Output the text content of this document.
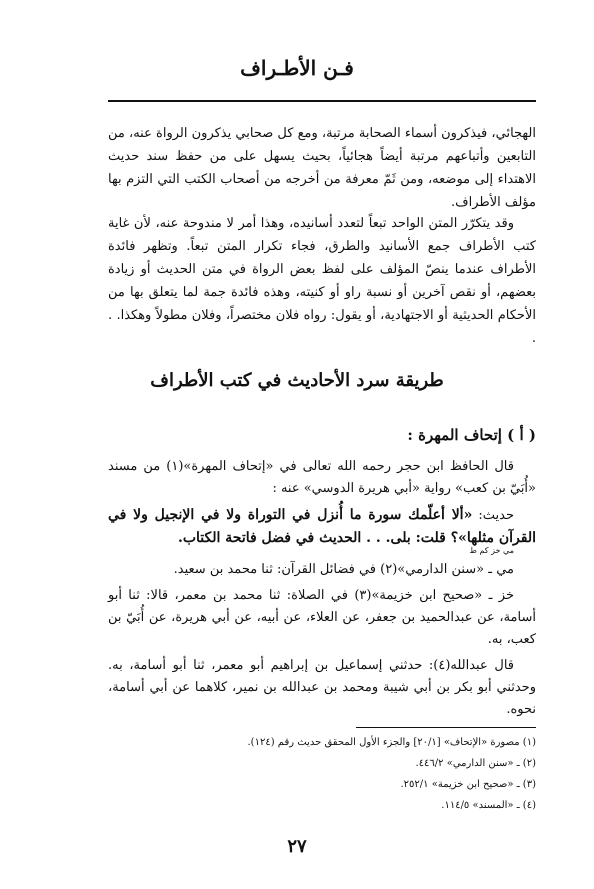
فـن الأطـراف

الهجائي، فيذكرون أسماء الصحابة مرتبة، ومع كل صحابي يذكرون الرواة عنه، من التابعين وأتباعهم مرتبة أيضاً هجائياً، بحيث يسهل على من حفظ سند حديث الاهتداء إلى موضعه، ومن ثَمّ معرفة من أخرجه من أصحاب الكتب التي التزم بها مؤلف الأطراف.

وقد يتكرّر المتن الواحد تبعاً لتعدد أسانيده، وهذا أمر لا مندوحة عنه، لأن غاية كتب الأطراف جمع الأسانيد والطرق، فجاء تكرار المتن تبعاً. وتظهر فائدة الأطراف عندما ينصّ المؤلف على لفظ بعض الرواة في متن الحديث أو زيادة بعضهم، أو نقص آخرين أو نسبة راو أو كنيته، وهذه فائدة جمة لما يتعلق بها من الأحكام الحديثية أو الاجتهادية، أو يقول: رواه فلان مختصراً، وفلان مطولاً وهكذا. . .

طريقة سرد الأحاديث في كتب الأطراف
( أ ) إتحاف المهرة :

قال الحافظ ابن حجر رحمه الله تعالى في «إتحاف المهرة»(١) من مسند «أُبَيّ بن كعب» رواية «أبي هريرة الدوسي» عنه :

حديث: «ألا أعلّمك سورة ما أُنزل في التوراة ولا في الإنجيل ولا في القرآن مثلها»؟ قلت: بلى. . . الحديث في فضل فاتحة الكتاب.
مي خز كم ط

مي ـ «سنن الدارمي»(٢) في فضائل القرآن: ثنا محمد بن سعيد.

خز ـ «صحيح ابن خزيمة»(٣) في الصلاة: ثنا محمد بن معمر، قالا: ثنا أبو أسامة، عن عبدالحميد بن جعفر، عن العلاء، عن أبيه، عن أبي هريرة، عن أُبَيّ بن كعب، به.

قال عبدالله(٤): حدثني إسماعيل بن إبراهيم أبو معمر، ثنا أبو أسامة، به. وحدثني أبو بكر بن أبي شيبة ومحمد بن عبدالله بن نمير، كلاهما عن أبي أسامة، نحوه.

(١) مصورة «الإتحاف» [٢٠/١] والجزء الأول المحقق حديث رقم (١٢٤).
(٢) ـ «سنن الدارمي» ٤٤٦/٢.
(٣) ـ «صحيح ابن خزيمة» ٢٥٢/١.
(٤) ـ «المسند» ١١٤/٥.
٢٧
